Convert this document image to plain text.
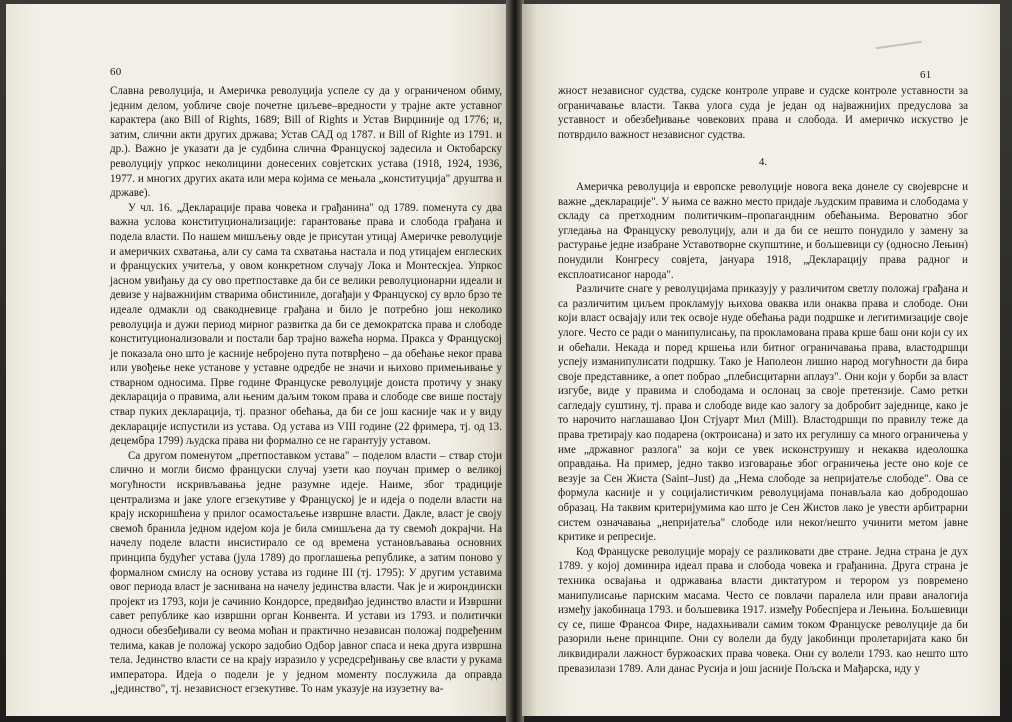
60

Славна револуција, и Америчка револуција успеле су да у ограниченом обиму, једним делом, уобличе своје почетне циљеве–вредности у трајне акте уставног карактера (ако Bill of Rights, 1689; Bill of Rights и Устав Вирџиније од 1776; и, затим, слични акти других држава; Устав САД од 1787. и Bill of Righte из 1791. и др.). Важно је указати да је судбина слична Француској задесила и Октобарску револуцију упркос неколицини донесених совјетских устава (1918, 1924, 1936, 1977. и многих других аката или мера којима се мењала „конституција" друштва и државе).

У чл. 16. „Декларације права човека и грађанина" од 1789. поменута су два важна услова конституционализације: гарантовање права и слобода грађана и подела власти. По нашем мишљењу овде је присутан утицај Америчке револуције и америчких схватања, али су сама та схватања настала и под утицајем енглеских и француских учитеља, у овом конкретном случају Лока и Монтескјеа. Упркос јасном увиђању да су ово претпоставке да би се велики револуционарни идеали и девизе у најважнијим стварима обистиниле, догађаји у Француској су врло брзо те идеале одмакли од свакодневице грађана и било је потребно још неколико револуција и дужи период мирног развитка да би се демократска права и слободе конституционализовали и постали бар трајно важећа норма. Пракса у Француској је показала оно што је касније небројено пута потврђено – да обећање некоr права или увођење неке установе у уставне одредбе не значи и њихово примењивање у стварном односима. Прве године Француске револуције доиста протичу у знаку декларација о правима, али њеним даљим током права и слободе све више постају ствар пуких декларација, тј. празног обећања, да би се још касније чак и у виду декларације испустили из устава. Од устава из VIII године (22 фримера, тј. од 13. децембра 1799) људска права ни формално се не гарантују уставом.

Са другом поменутом „претпоставком устава" – поделом власти – ствар стоји слично и могли бисмо француски случај узети као поучан пример о великој могућности искривљавања једне разумне идеје. Наиме, због традиције централизма и јаке улоге егзекутиве у Француској је и идеја о подели власти на крају искоришћена у прилог осамостаљење извршне власти. Дакле, власт је своју свемоћ бранила једном идејом која је била смишљена да ту свемоћ докрајчи. На начелу поделе власти инсистирало се од времена установљавања основних принципа будућег устава (јула 1789) до проглашења републике, а затим поново у формалном смислу на основу устава из године III (тј. 1795): У другим уставима овог периода власт је заснивана на начелу јединства власти. Чак је и жирондински пројект из 1793, који је сачинио Кондорсе, предвиђао јединство власти и Извршни савет републике као извршни орган Конвента. И устави из 1793. и политички односи обезбеђивали су веома моћан и практично независан положај подређеним телима, какав је положај ускоро задобио Одбор јавног спаса и нека друга извршна тела. Јединство власти се на крају изразило у усредсређивању све власти у рукама императора. Идеја о подели је у једном моменту послужила да оправда „јединство", тј. независност егзекутиве. То нам указује на изузетну ва-

61

жност независног судства, судске контроле управе и судске контроле уставности за ограничавање власти. Таква улога суда је један од најважнијих предуслова за уставност и обезбеђивање човекових права и слобода. И америчко искуство је потврдило важност независног судства.

4.

Америчка револуција и европске револуције новога века донеле су својеврсне и важне „декларације". У њима се важно место придаје људским правима и слободама у складу са претходним политичким–пропагандним обећањима. Вероватно због угледања на Француску револуцију, али и да би се нешто понудило у замену за растурање једне изабране Уставотворне скупштине, и бољшевици су (односно Лењин) понудили Конгресу совјета, јануара 1918, „Декларацију права радног и експлоатисаног народа".

Различите снаге у револуцијама приказују у различитом светлу положај грађана и са различитим циљем прокламују њихова оваква или онаква права и слободе. Они који власт освајају или тек освоје нуде обећања ради подршке и легитимизације своје улоге. Често се ради о манипулисању, па прокламована права крше баш они који су их и обећали. Некада и поред кршења или битног ограничавања права, властодршци успеју изманипулисати подршку. Тако је Наполеон лишио народ могућности да бира своје представнике, а опет побрао „плебисцитарни аплауз". Они који у борби за власт изгубе, виде у правима и слободама и ослонац за своје претензије. Само ретки сагледају суштину, тј. права и слободе виде као залогу за добробит заједнице, како је то нарочито наглашавао Џон Стјуарт Мил (Mill). Властодршци по правилу теже да права третирају као подарена (октроисана) и зато их регулишу са много ограничења у име „државног разлога" за који се увек исконструишу и некаква идеолошка оправдања. На пример, једно такво изговарање због ограничења јесте оно које се везује за Сен Жиста (Saint–Just) да „Нема слободе за непријатеље слободе". Ова се формула касније и у социјалистичким револуцијама понављала као добродошао образац. На таквим критеријумима као што је Сен Жистов лако је увести арбитрарни систем означавања „непријатеља" слободе или некоr/нешто учинити метом јавне критике и репресије.

Код Француске револуције морају се разликовати две стране. Једна страна је дух 1789. у којој доминира идеал права и слобода човека и грађанина. Друга страна је техника освајања и одржавања власти диктатуром и терором уз повремено манипулисање париским масама. Често се повлачи паралела или прави аналогија између јакобинаца 1793. и бољшевика 1917. између Робеспјера и Лењина. Бољшевици су се, пише Франсоа Фире, надахњивали самим током Француске револуције да би разорили њене принципе. Они су волели да буду јакобинци пролетаријата како би ликвидирали лажност буржоаских права човека. Они су волели 1793. као нешто што превазилази 1789. Али данас Русија и још јасније Пољска и Мађарска, иду у
